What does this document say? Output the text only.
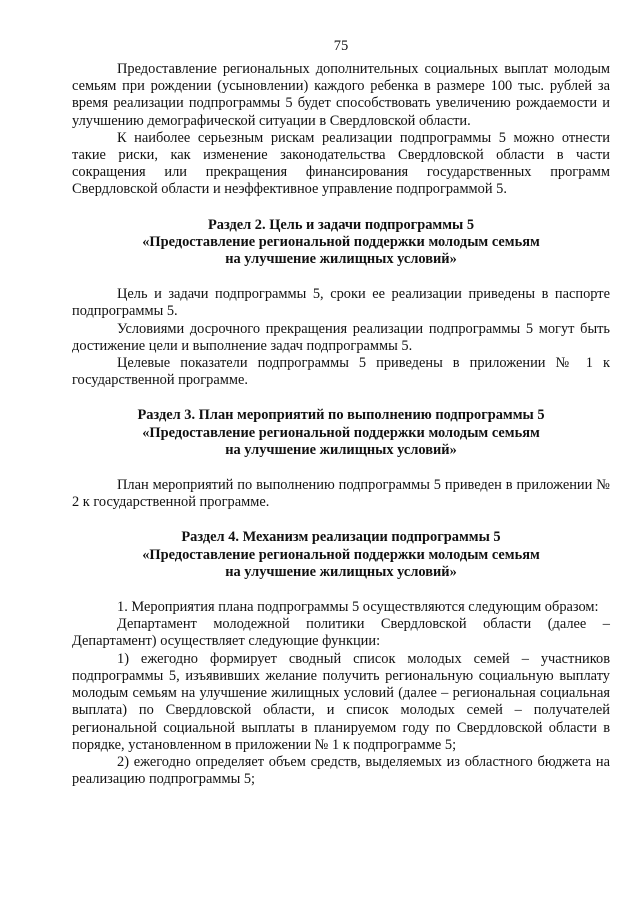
75

Предоставление региональных дополнительных социальных выплат молодым семьям при рождении (усыновлении) каждого ребенка в размере 100 тыс. рублей за время реализации подпрограммы 5 будет способствовать увеличению рождаемости и улучшению демографической ситуации в Свердловской области.

К наиболее серьезным рискам реализации подпрограммы 5 можно отнести такие риски, как изменение законодательства Свердловской области в части сокращения или прекращения финансирования государственных программ Свердловской области и неэффективное управление подпрограммой 5.

Раздел 2. Цель и задачи подпрограммы 5
«Предоставление региональной поддержки молодым семьям
на улучшение жилищных условий»

Цель и задачи подпрограммы 5, сроки ее реализации приведены в паспорте подпрограммы 5.

Условиями досрочного прекращения реализации подпрограммы 5 могут быть достижение цели и выполнение задач подпрограммы 5.

Целевые показатели подпрограммы 5 приведены в приложении № 1 к государственной программе.

Раздел 3. План мероприятий по выполнению подпрограммы 5
«Предоставление региональной поддержки молодым семьям
на улучшение жилищных условий»

План мероприятий по выполнению подпрограммы 5 приведен в приложении № 2 к государственной программе.

Раздел 4. Механизм реализации подпрограммы 5
«Предоставление региональной поддержки молодым семьям
на улучшение жилищных условий»

1. Мероприятия плана подпрограммы 5 осуществляются следующим образом:

Департамент молодежной политики Свердловской области (далее – Департамент) осуществляет следующие функции:

1) ежегодно формирует сводный список молодых семей – участников подпрограммы 5, изъявивших желание получить региональную социальную выплату молодым семьям на улучшение жилищных условий (далее – региональная социальная выплата) по Свердловской области, и список молодых семей – получателей региональной социальной выплаты в планируемом году по Свердловской области в порядке, установленном в приложении № 1 к подпрограмме 5;

2) ежегодно определяет объем средств, выделяемых из областного бюджета на реализацию подпрограммы 5;
